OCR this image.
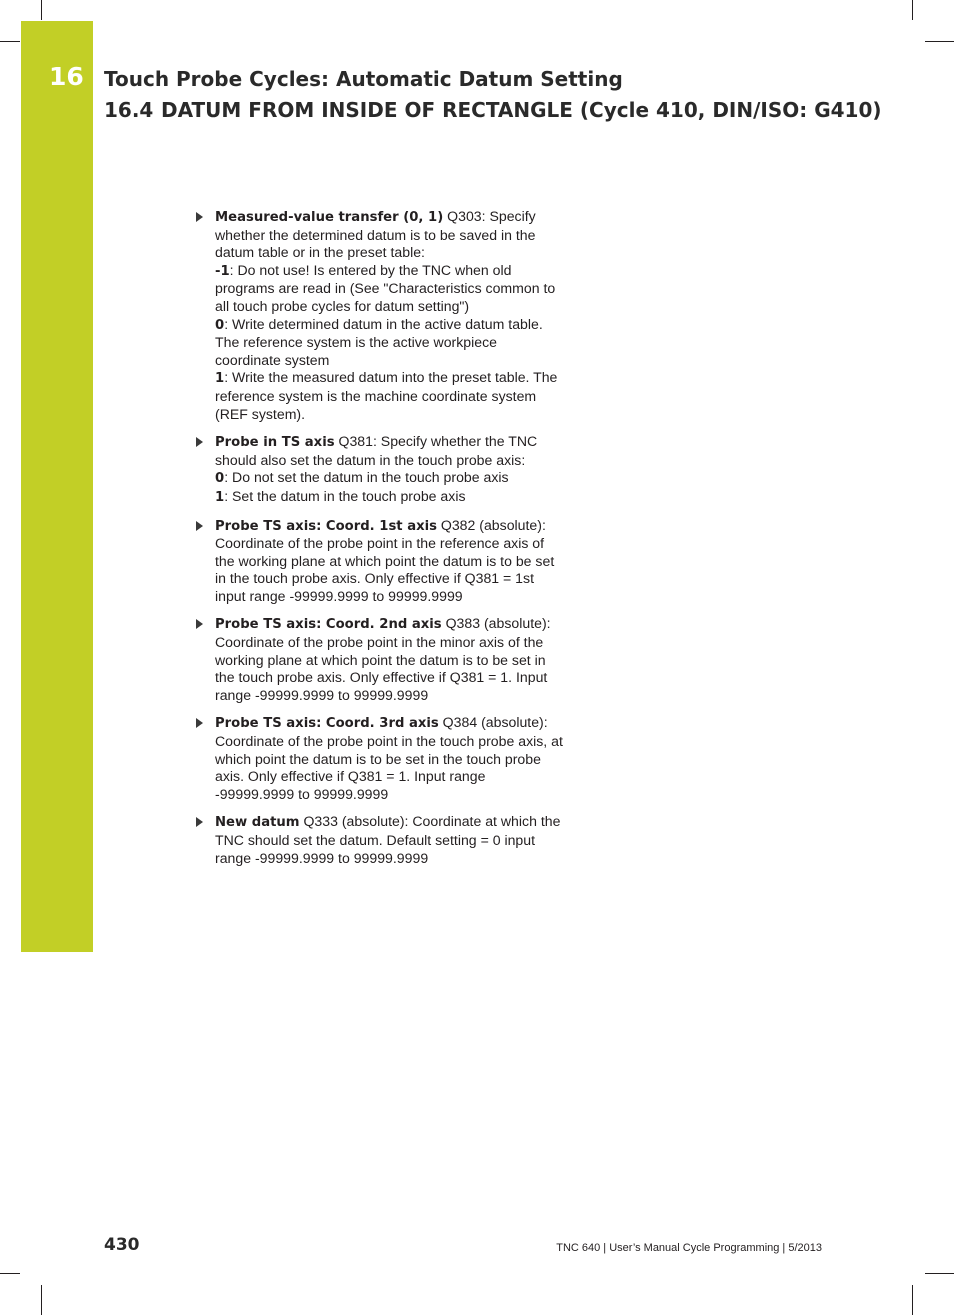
16 Touch Probe Cycles: Automatic Datum Setting
16.4 DATUM FROM INSIDE OF RECTANGLE (Cycle 410, DIN/ISO: G410)
Measured-value transfer (0, 1) Q303: Specify whether the determined datum is to be saved in the datum table or in the preset table:
-1: Do not use! Is entered by the TNC when old programs are read in (See "Characteristics common to all touch probe cycles for datum setting")
0: Write determined datum in the active datum table. The reference system is the active workpiece coordinate system
1: Write the measured datum into the preset table. The reference system is the machine coordinate system (REF system).
Probe in TS axis Q381: Specify whether the TNC should also set the datum in the touch probe axis:
0: Do not set the datum in the touch probe axis
1: Set the datum in the touch probe axis
Probe TS axis: Coord. 1st axis Q382 (absolute): Coordinate of the probe point in the reference axis of the working plane at which point the datum is to be set in the touch probe axis. Only effective if Q381 = 1st input range -99999.9999 to 99999.9999
Probe TS axis: Coord. 2nd axis Q383 (absolute): Coordinate of the probe point in the minor axis of the working plane at which point the datum is to be set in the touch probe axis. Only effective if Q381 = 1. Input range -99999.9999 to 99999.9999
Probe TS axis: Coord. 3rd axis Q384 (absolute): Coordinate of the probe point in the touch probe axis, at which point the datum is to be set in the touch probe axis. Only effective if Q381 = 1. Input range -99999.9999 to 99999.9999
New datum Q333 (absolute): Coordinate at which the TNC should set the datum. Default setting = 0 input range -99999.9999 to 99999.9999
430	TNC 640 | User’s Manual Cycle Programming | 5/2013
